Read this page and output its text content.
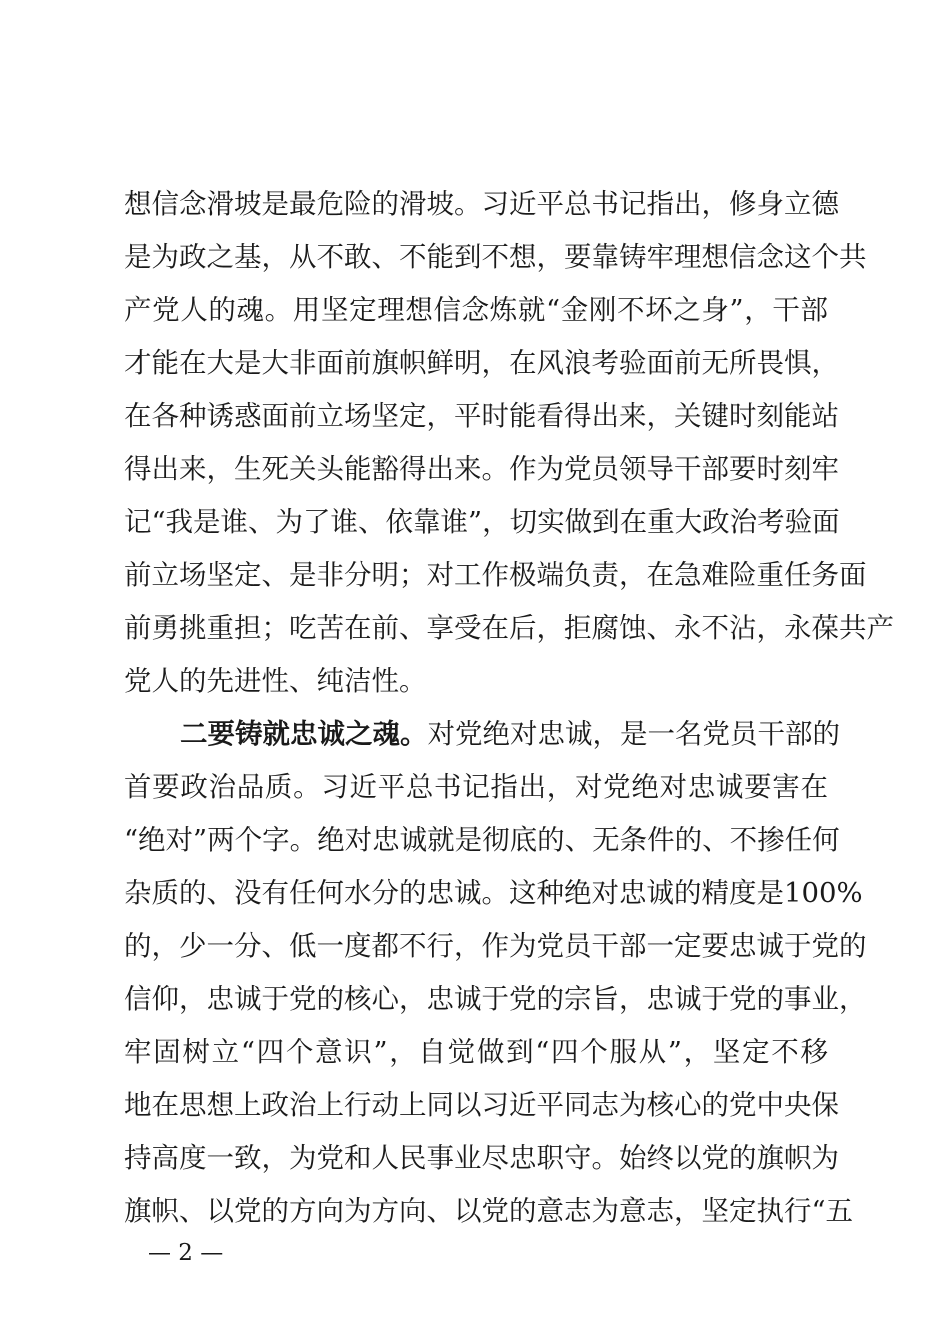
想信念滑坡是最危险的滑坡。习近平总书记指出，修身立德
是为政之基，从不敢、不能到不想，要靠铸牢理想信念这个共
产党人的魂。用坚定理想信念炼就“金刚不坏之身”，干部
才能在大是大非面前旗帜鲜明，在风浪考验面前无所畏惧，
在各种诱惑面前立场坚定，平时能看得出来，关键时刻能站
得出来，生死关头能豁得出来。作为党员领导干部要时刻牢
记“我是谁、为了谁、依靠谁”，切实做到在重大政治考验面
前立场坚定、是非分明；对工作极端负责，在急难险重任务面
前勇挑重担；吃苦在前、享受在后，拒腐蚀、永不沾，永葆共产
党人的先进性、纯洁性。
二要铸就忠诚之魂。对党绝对忠诚，是一名党员干部的
首要政治品质。习近平总书记指出，对党绝对忠诚要害在
“绝对”两个字。绝对忠诚就是彻底的、无条件的、不掺任何
杂质的、没有任何水分的忠诚。这种绝对忠诚的精度是100%
的，少一分、低一度都不行，作为党员干部一定要忠诚于党的
信仰，忠诚于党的核心，忠诚于党的宗旨，忠诚于党的事业，
牢固树立“四个意识”，自觉做到“四个服从”，坚定不移
地在思想上政治上行动上同以习近平同志为核心的党中央保
持高度一致，为党和人民事业尽忠职守。始终以党的旗帜为
旗帜、以党的方向为方向、以党的意志为意志，坚定执行“五
— 2 —
